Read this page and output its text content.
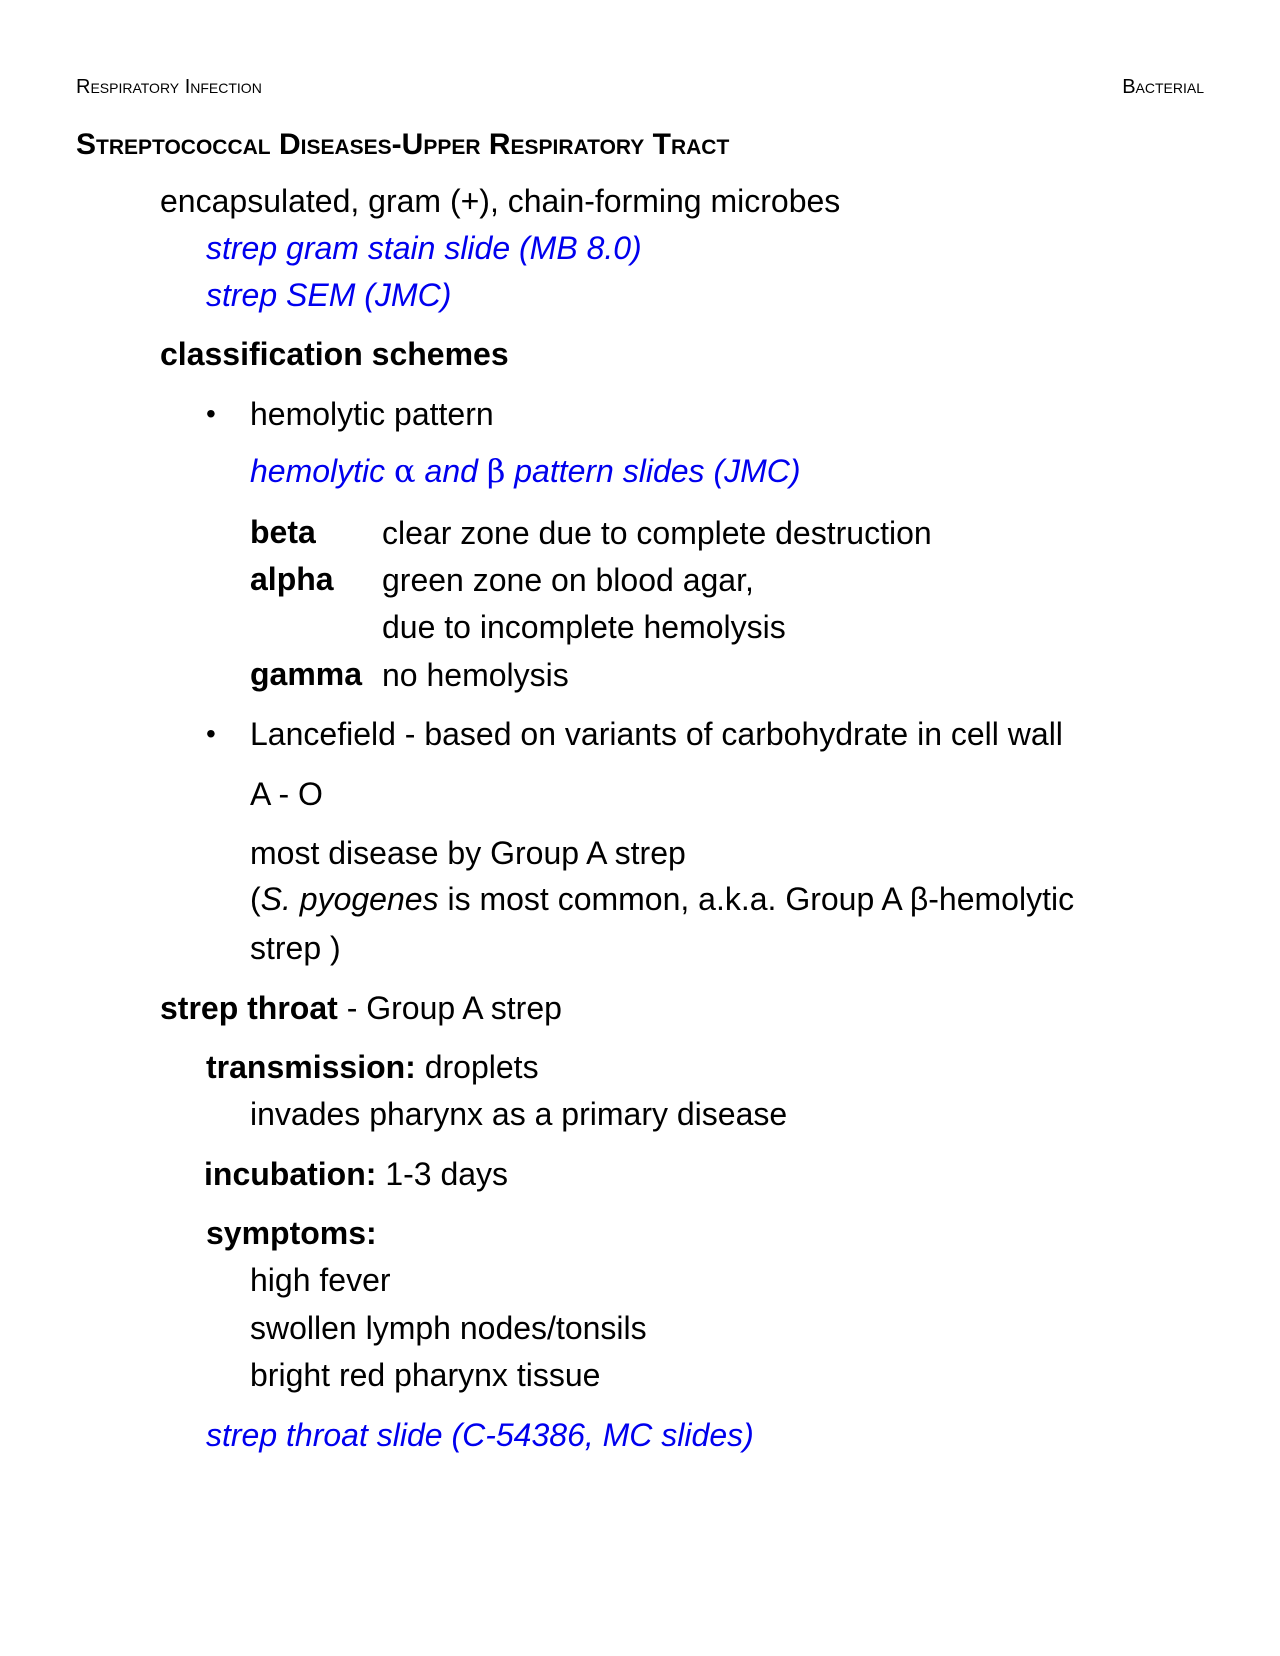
Respiratory Infection	Bacterial
Streptococcal Diseases-Upper Respiratory Tract
encapsulated, gram (+), chain-forming microbes
strep gram stain slide (MB 8.0)
strep SEM (JMC)
classification schemes
• hemolytic pattern
hemolytic α and β pattern slides (JMC)
beta clear zone due to complete destruction
alpha green zone on blood agar,
due to incomplete hemolysis
gamma no hemolysis
• Lancefield - based on variants of carbohydrate in cell wall
A - O
most disease by Group A strep
(S. pyogenes is most common, a.k.a. Group A β-hemolytic
strep )
strep throat - Group A strep
transmission: droplets
invades pharynx as a primary disease
incubation: 1-3 days
symptoms:
high fever
swollen lymph nodes/tonsils
bright red pharynx tissue
strep throat slide (C-54386, MC slides)
